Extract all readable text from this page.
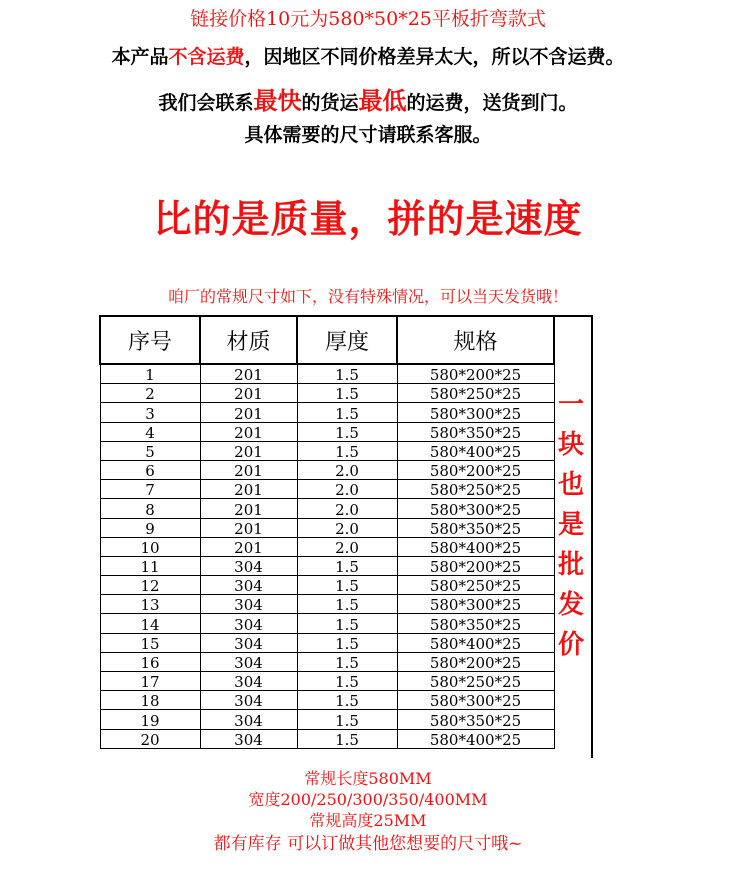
链接价格10元为580*50*25平板折弯款式
本产品不含运费，因地区不同价格差异太大，所以不含运费。
我们会联系最快的货运最低的运费，送货到门。
具体需要的尺寸请联系客服。
比的是质量，拼的是速度
咱厂的常规尺寸如下，没有特殊情况，可以当天发货哦！
序号	材质	厚度	规格
1	201	1.5	580*200*25
2	201	1.5	580*250*25
3	201	1.5	580*300*25
4	201	1.5	580*350*25
5	201	1.5	580*400*25
6	201	2.0	580*200*25
7	201	2.0	580*250*25
8	201	2.0	580*300*25
9	201	2.0	580*350*25
10	201	2.0	580*400*25
11	304	1.5	580*200*25
12	304	1.5	580*250*25
13	304	1.5	580*300*25
14	304	1.5	580*350*25
15	304	1.5	580*400*25
16	304	1.5	580*200*25
17	304	1.5	580*250*25
18	304	1.5	580*300*25
19	304	1.5	580*350*25
20	304	1.5	580*400*25
一
块
也
是
批
发
价
常规长度580MM
宽度200/250/300/350/400MM
常规高度25MM
都有库存 可以订做其他您想要的尺寸哦~
